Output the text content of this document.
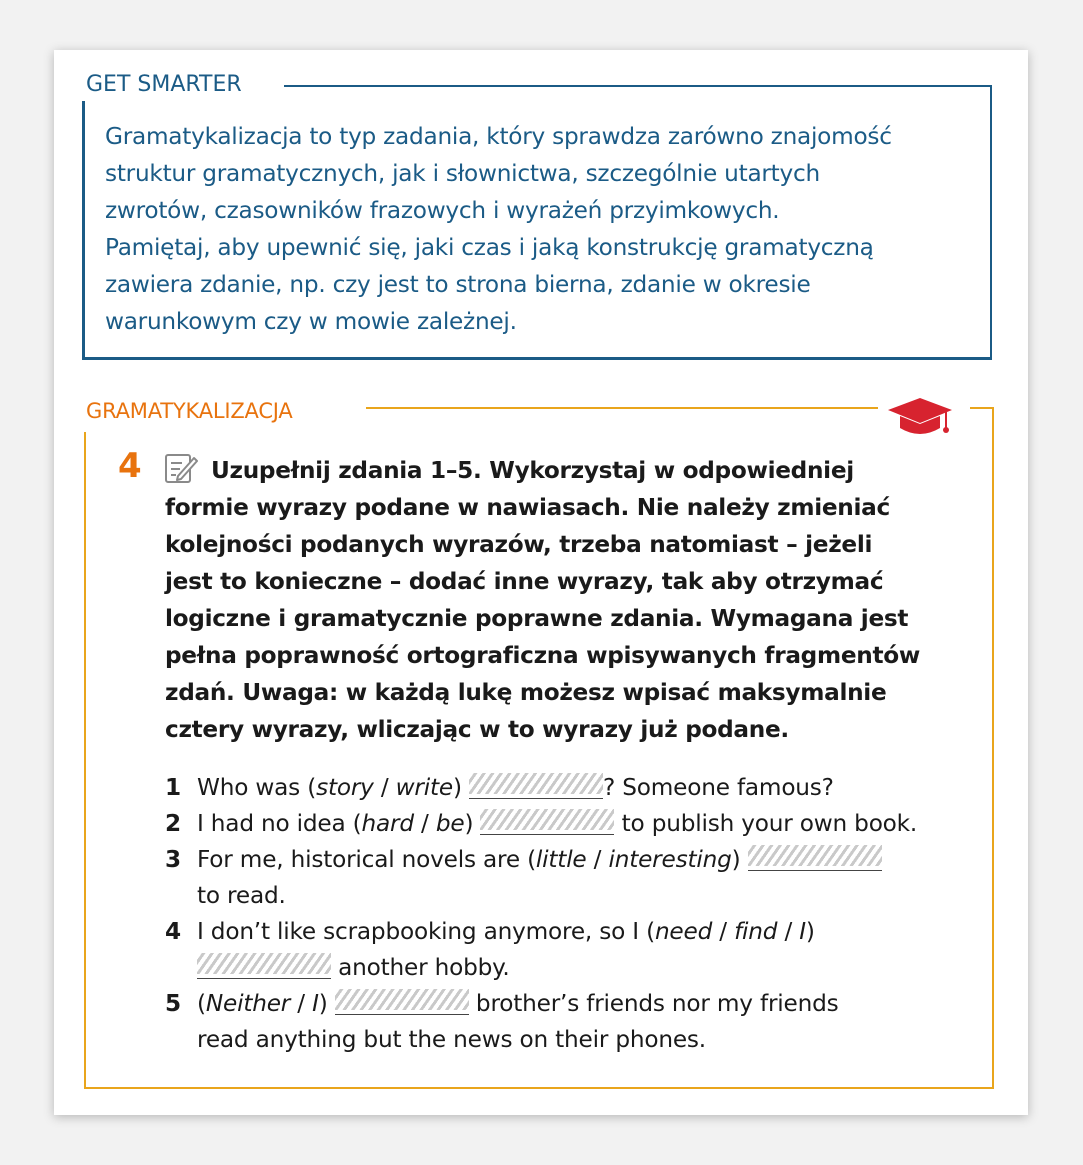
GET SMARTER
Gramatykalizacja to typ zadania, który sprawdza zarówno znajomość
struktur gramatycznych, jak i słownictwa, szczególnie utartych
zwrotów, czasowników frazowych i wyrażeń przyimkowych.
Pamiętaj, aby upewnić się, jaki czas i jaką konstrukcję gramatyczną
zawiera zdanie, np. czy jest to strona bierna, zdanie w okresie
warunkowym czy w mowie zależnej.
GRAMATYKALIZACJA
4	Uzupełnij zdania 1–5. Wykorzystaj w odpowiedniej
formie wyrazy podane w nawiasach. Nie należy zmieniać
kolejności podanych wyrazów, trzeba natomiast – jeżeli
jest to konieczne – dodać inne wyrazy, tak aby otrzymać
logiczne i gramatycznie poprawne zdania. Wymagana jest
pełna poprawność ortograficzna wpisywanych fragmentów
zdań. Uwaga: w każdą lukę możesz wpisać maksymalnie
cztery wyrazy, wliczając w to wyrazy już podane.
1 Who was (story / write)	? Someone famous?
2 I had no idea (hard / be)	to publish your own book.
3 For me, historical novels are (little / interesting)
to read.
4 I don’t like scrapbooking anymore, so I (need / find / I)
another hobby.
5 (Neither / I)	brother’s friends nor my friends
read anything but the news on their phones.
